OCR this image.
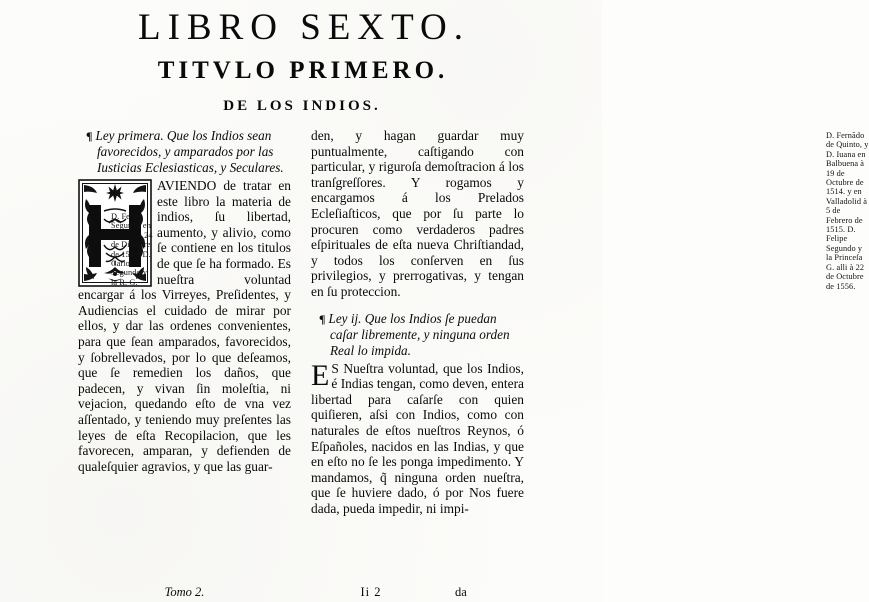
LIBRO SEXTO.
TITVLO PRIMERO.
DE LOS INDIOS.

¶ Ley primera. Que los Indios sean favorecidos, y amparados por las Iusticias Eclesiasticas, y Seculares.

AVIENDO de tratar en este libro la materia de indios, ſu libertad, aumento, y alivio, como ſe contiene en los titulos de que ſe ha formado. Es nueſtra voluntad encargar á los Virreyes, Preſidentes, y Audiencias el cuidado de mirar por ellos, y dar las ordenes convenientes, para que ſean amparados, favorecidos, y ſobrellevados, por lo que deſeamos, que ſe remedien los daños, que padecen, y vivan ſin moleſtia, ni vejacion, quedando eſto de vna vez aſſentado, y teniendo muy preſentes las leyes de eſta Recopilacion, que les favorecen, amparan, y defienden de qualeſquier agravios, y que las guar-

D. Felipe Segundo en Madrid a 24 de Diziẽbre de 1580. D. Carlos Segundo y la R. G.

den, y hagan guardar muy puntualmente, caſtigando con particular, y riguroſa demoſtracion á los tranſgreſſores. Y rogamos y encargamos á los Prelados Ecleſiaſticos, que por ſu parte lo procuren como verdaderos padres eſpirituales de eſta nueva Chriſtiandad, y todos los conſerven en ſus privilegios, y prerrogativas, y tengan en ſu proteccion.

¶ Ley ij. Que los Indios ſe puedan caſar libremente, y ninguna orden Real lo impida.

E S Nueſtra voluntad, que los Indios, é Indias tengan, como deven, entera libertad para caſarſe con quien quiſieren, aſsi con Indios, como con naturales de eſtos nueſtros Reynos, ó Eſpañoles, nacidos en las Indias, y que en eſto no ſe les ponga impedimento. Y mandamos, q̃ ninguna orden nueſtra, que ſe huviere dado, ó por Nos fuere dada, pueda impedir, ni impi-

D. Fernãdo de Quinto, y D. Iuana en Balbuena à 19 de Octubre de 1514. y en Valladolid à 5 de Febrero de 1515. D. Felipe Segundo y la Princeſa G. alli à 22 de Octubre de 1556.
Tomo 2.	Ii 2	da
